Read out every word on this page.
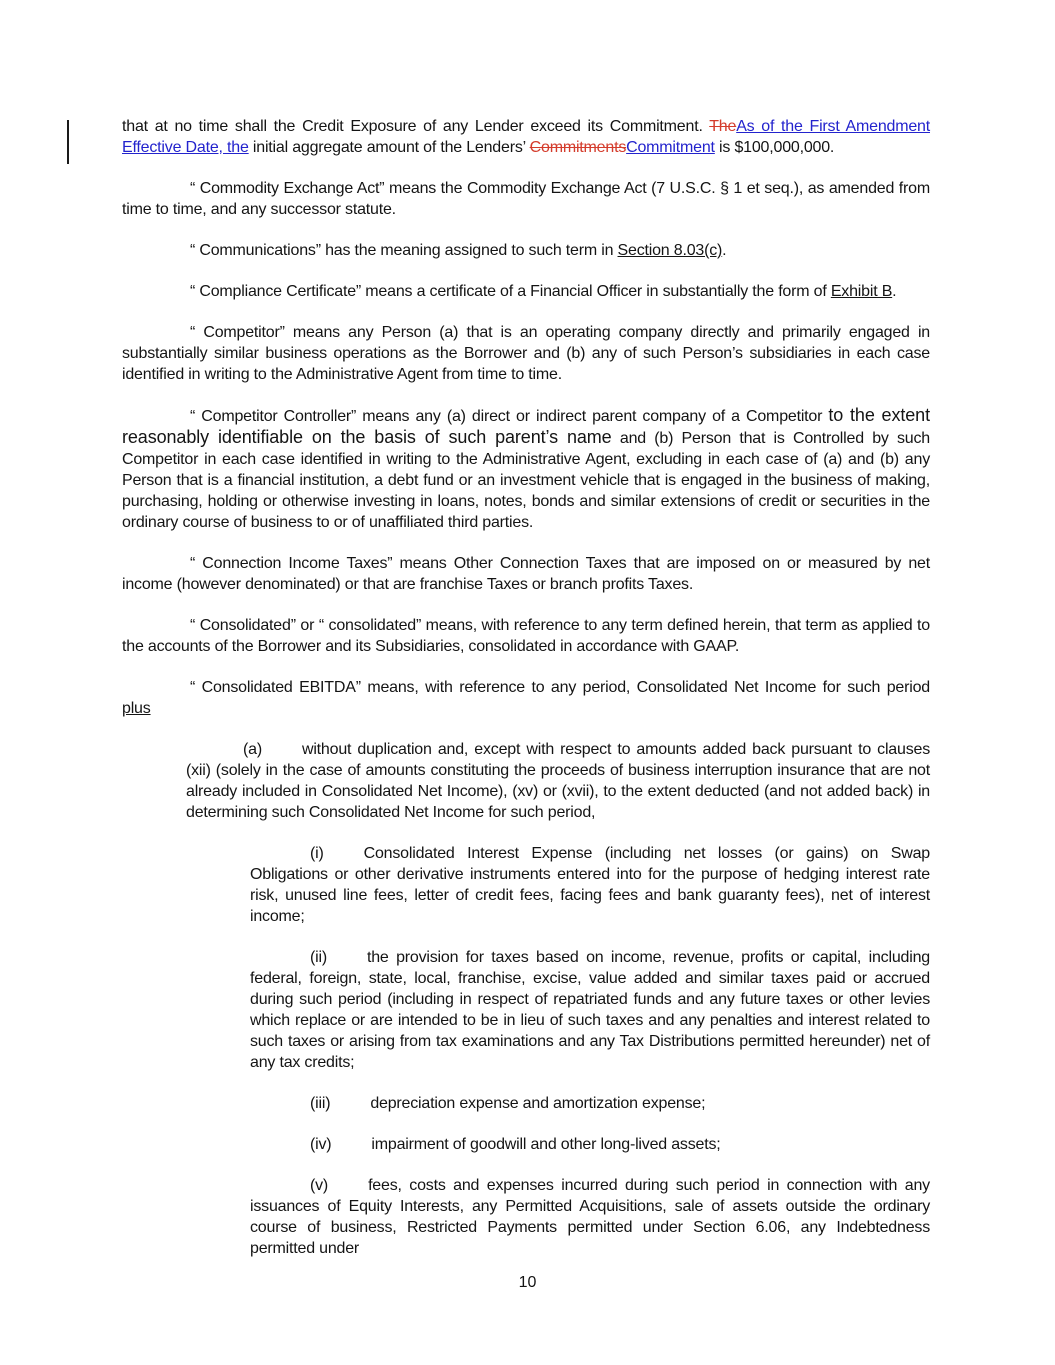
that at no time shall the Credit Exposure of any Lender exceed its Commitment. TheAs of the First Amendment Effective Date, the initial aggregate amount of the Lenders’ CommitmentsCommitment is $100,000,000.

“ Commodity Exchange Act” means the Commodity Exchange Act (7 U.S.C. § 1 et seq.), as amended from time to time, and any successor statute.

“ Communications” has the meaning assigned to such term in Section 8.03(c).

“ Compliance Certificate” means a certificate of a Financial Officer in substantially the form of Exhibit B.

“ Competitor” means any Person (a) that is an operating company directly and primarily engaged in substantially similar business operations as the Borrower and (b) any of such Person’s subsidiaries in each case identified in writing to the Administrative Agent from time to time.

“ Competitor Controller” means any (a) direct or indirect parent company of a Competitor to the extent reasonably identifiable on the basis of such parent’s name and (b) Person that is Controlled by such Competitor in each case identified in writing to the Administrative Agent, excluding in each case of (a) and (b) any Person that is a financial institution, a debt fund or an investment vehicle that is engaged in the business of making, purchasing, holding or otherwise investing in loans, notes, bonds and similar extensions of credit or securities in the ordinary course of business to or of unaffiliated third parties.

“ Connection Income Taxes” means Other Connection Taxes that are imposed on or measured by net income (however denominated) or that are franchise Taxes or branch profits Taxes.

“ Consolidated” or “ consolidated” means, with reference to any term defined herein, that term as applied to the accounts of the Borrower and its Subsidiaries, consolidated in accordance with GAAP.

“ Consolidated EBITDA” means, with reference to any period, Consolidated Net Income for such period plus

(a)	without duplication and, except with respect to amounts added back pursuant to clauses (xii) (solely in the case of amounts constituting the proceeds of business interruption insurance that are not already included in Consolidated Net Income), (xv) or (xvii), to the extent deducted (and not added back) in determining such Consolidated Net Income for such period,

(i)	Consolidated Interest Expense (including net losses (or gains) on Swap Obligations or other derivative instruments entered into for the purpose of hedging interest rate risk, unused line fees, letter of credit fees, facing fees and bank guaranty fees), net of interest income;

(ii)	the provision for taxes based on income, revenue, profits or capital, including federal, foreign, state, local, franchise, excise, value added and similar taxes paid or accrued during such period (including in respect of repatriated funds and any future taxes or other levies which replace or are intended to be in lieu of such taxes and any penalties and interest related to such taxes or arising from tax examinations and any Tax Distributions permitted hereunder) net of any tax credits;

(iii)	depreciation expense and amortization expense;

(iv)	impairment of goodwill and other long-lived assets;

(v)	fees, costs and expenses incurred during such period in connection with any issuances of Equity Interests, any Permitted Acquisitions, sale of assets outside the ordinary course of business, Restricted Payments permitted under Section 6.06, any Indebtedness permitted under

10
